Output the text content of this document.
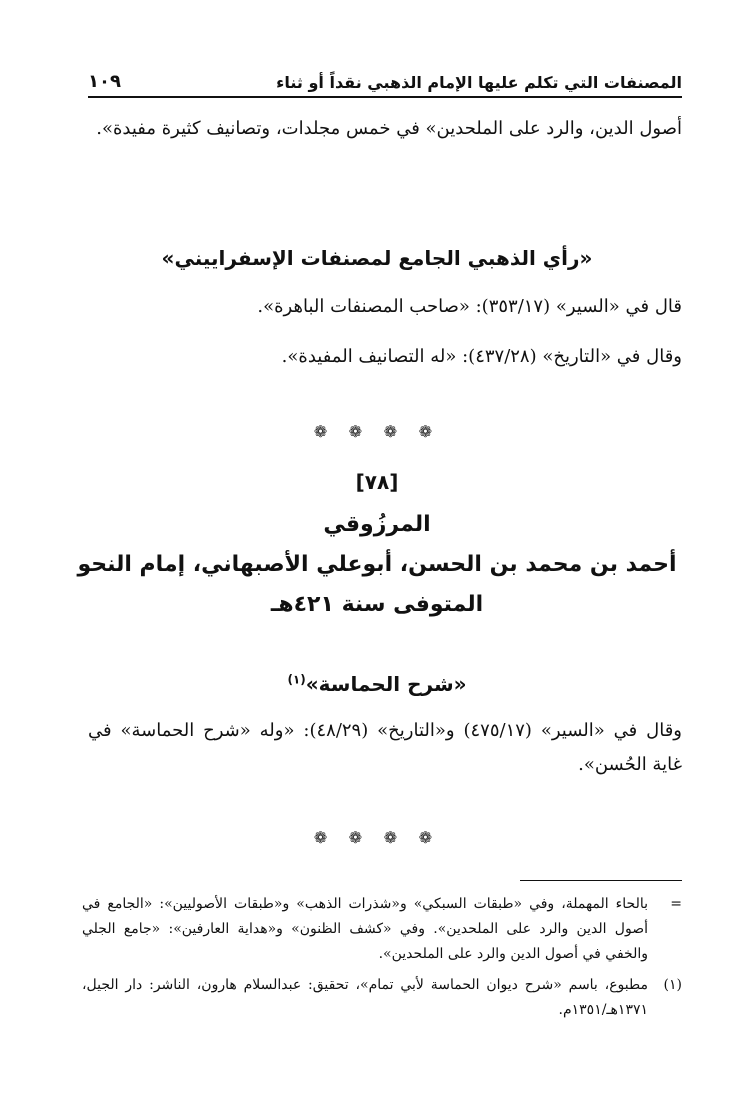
المصنفات التي تكلم عليها الإمام الذهبي نقداً أو ثناء
١٠٩

أصول الدين، والرد على الملحدين» في خمس مجلدات، وتصانيف كثيرة مفيدة».

«رأي الذهبي الجامع لمصنفات الإسفراييني»

قال في «السير» (٣٥٣/١٧): «صاحب المصنفات الباهرة».

وقال في «التاريخ» (٤٣٧/٢٨): «له التصانيف المفيدة».

❁ ❁ ❁ ❁
[٧٨]
المرزُوقي
أحمد بن محمد بن الحسن، أبوعلي الأصبهاني، إمام النحو
المتوفى سنة ٤٢١هـ
«شرح الحماسة»$^{(١)}$

وقال في «السير» (٤٧٥/١٧) و«التاريخ» (٤٨/٢٩): «وله «شرح الحماسة» في غاية الحُسن».

❁ ❁ ❁ ❁
=
بالحاء المهملة، وفي «طبقات السبكي» و«شذرات الذهب» و«طبقات الأصوليين»: «الجامع في أصول الدين والرد على الملحدين». وفي «كشف الظنون» و«هداية العارفين»: «جامع الجلي والخفي في أصول الدين والرد على الملحدين».
(١)
مطبوع، باسم «شرح ديوان الحماسة لأبي تمام»، تحقيق: عبدالسلام هارون، الناشر: دار الجيل، ١٣٧١هـ/١٣٥١م.
